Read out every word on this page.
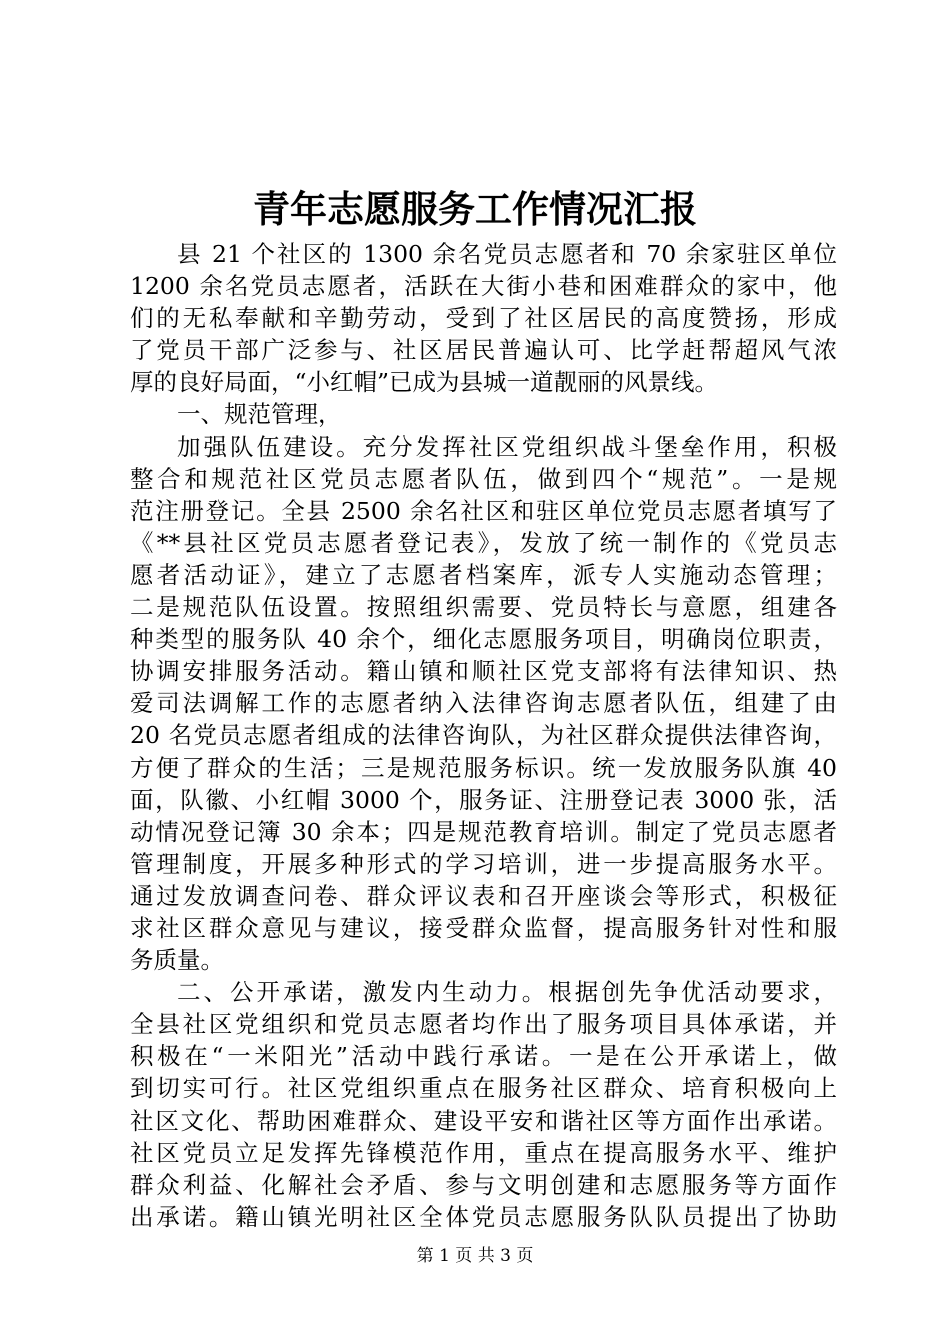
青年志愿服务工作情况汇报
县 21 个社区的 1300 余名党员志愿者和 70 余家驻区单位
1200 余名党员志愿者，活跃在大街小巷和困难群众的家中，他
们的无私奉献和辛勤劳动，受到了社区居民的高度赞扬，形成
了党员干部广泛参与、社区居民普遍认可、比学赶帮超风气浓
厚的良好局面，“小红帽”已成为县城一道靓丽的风景线。
一、规范管理，
加强队伍建设。充分发挥社区党组织战斗堡垒作用，积极
整合和规范社区党员志愿者队伍，做到四个“规范”。一是规
范注册登记。全县 2500 余名社区和驻区单位党员志愿者填写了
《**县社区党员志愿者登记表》，发放了统一制作的《党员志
愿者活动证》，建立了志愿者档案库，派专人实施动态管理；
二是规范队伍设置。按照组织需要、党员特长与意愿，组建各
种类型的服务队 40 余个，细化志愿服务项目，明确岗位职责，
协调安排服务活动。籍山镇和顺社区党支部将有法律知识、热
爱司法调解工作的志愿者纳入法律咨询志愿者队伍，组建了由
20 名党员志愿者组成的法律咨询队，为社区群众提供法律咨询，
方便了群众的生活；三是规范服务标识。统一发放服务队旗 40
面，队徽、小红帽 3000 个，服务证、注册登记表 3000 张，活
动情况登记簿 30 余本；四是规范教育培训。制定了党员志愿者
管理制度，开展多种形式的学习培训，进一步提高服务水平。
通过发放调查问卷、群众评议表和召开座谈会等形式，积极征
求社区群众意见与建议，接受群众监督，提高服务针对性和服
务质量。
二、公开承诺，激发内生动力。根据创先争优活动要求，
全县社区党组织和党员志愿者均作出了服务项目具体承诺，并
积极在“一米阳光”活动中践行承诺。一是在公开承诺上，做
到切实可行。社区党组织重点在服务社区群众、培育积极向上
社区文化、帮助困难群众、建设平安和谐社区等方面作出承诺。
社区党员立足发挥先锋模范作用，重点在提高服务水平、维护
群众利益、化解社会矛盾、参与文明创建和志愿服务等方面作
出承诺。籍山镇光明社区全体党员志愿服务队队员提出了协助
第 1 页 共 3 页
